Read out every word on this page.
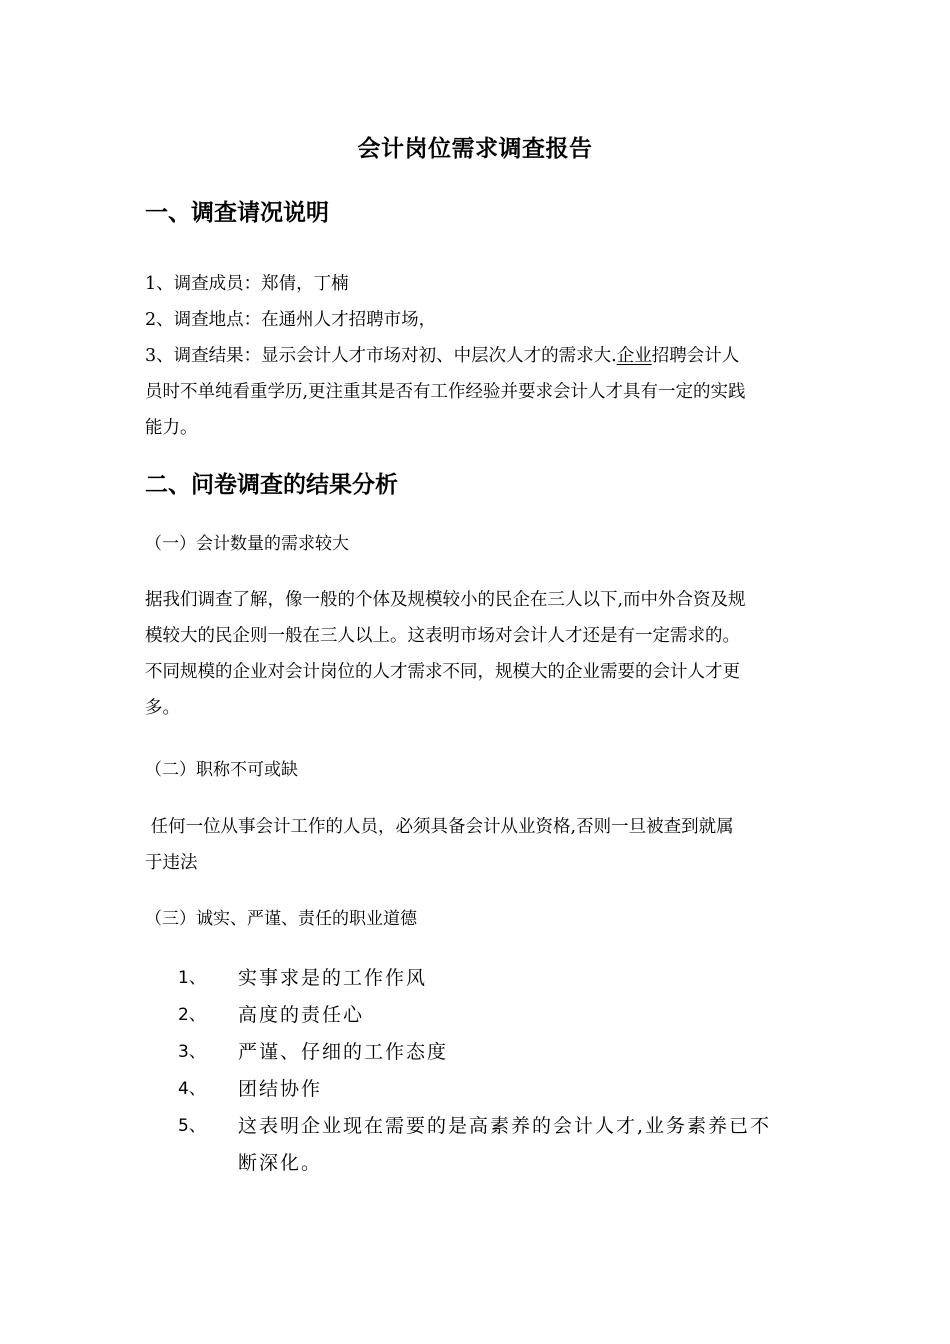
会计岗位需求调查报告
一、调查请况说明
1、调查成员：郑倩，丁楠
2、调查地点：在通州人才招聘市场，
3、调查结果：显示会计人才市场对初、中层次人才的需求大.企业招聘会计人
员时不单纯看重学历,更注重其是否有工作经验并要求会计人才具有一定的实践
能力。
二、问卷调查的结果分析
（一）会计数量的需求较大
据我们调查了解，像一般的个体及规模较小的民企在三人以下,而中外合资及规
模较大的民企则一般在三人以上。这表明市场对会计人才还是有一定需求的。
不同规模的企业对会计岗位的人才需求不同，规模大的企业需要的会计人才更
多。
（二）职称不可或缺
任何一位从事会计工作的人员，必须具备会计从业资格,否则一旦被查到就属
于违法
（三）诚实、严谨、责任的职业道德
1、 实事求是的工作作风
2、 高度的责任心
3、 严谨、仔细的工作态度
4、 团结协作
5、 这表明企业现在需要的是高素养的会计人才,业务素养已不
断深化。
